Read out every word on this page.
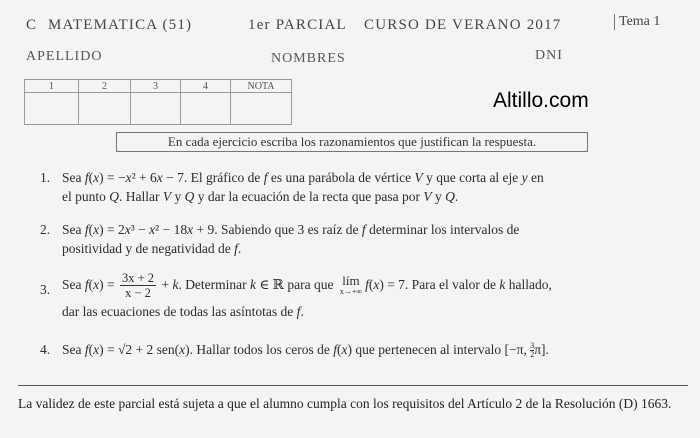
C MATEMATICA (51)	1er PARCIAL CURSO DE VERANO 2017	Tema 1
APELLIDO	NOMBRES	DNI
1	2	3	4	NOTA

Altillo.com
En cada ejercicio escriba los razonamientos que justifican la respuesta.
1. Sea f(x) = −x² + 6x − 7. El gráfico de f es una parábola de vértice V y que corta al eje y en
el punto Q. Hallar V y Q y dar la ecuación de la recta que pasa por V y Q.
2. Sea f(x) = 2x³ − x² − 18x + 9. Sabiendo que 3 es raíz de f determinar los intervalos de
positividad y de negatividad de f.
3. Sea $f(x) = \frac{3x + 2}{x - 2} + k$. Determinar k ∈ ℝ para que lím
x→+∞ f(x) = 7. Para el valor de k hallado,
dar las ecuaciones de todas las asíntotas de f.
4. Sea f(x) = √2 + 2 sen(x). Hallar todos los ceros de f(x) que pertenecen al intervalo [−π, $\frac{3}{2}\pi$].
La validez de este parcial está sujeta a que el alumno cumpla con los requisitos del Artículo 2 de la Resolución (D) 1663.
